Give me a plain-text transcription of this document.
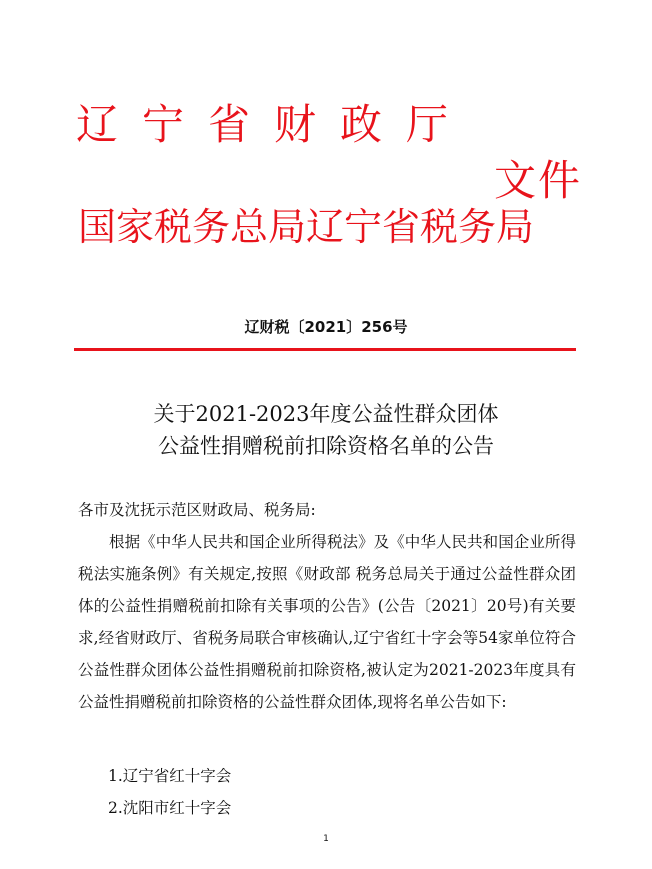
辽宁省财政厅
文件
国家税务总局辽宁省税务局
辽财税〔2021〕256号
关于2021-2023年度公益性群众团体
公益性捐赠税前扣除资格名单的公告
各市及沈抚示范区财政局、税务局:
根据《中华人民共和国企业所得税法》及《中华人民共和国企业所得税法实施条例》有关规定,按照《财政部 税务总局关于通过公益性群众团体的公益性捐赠税前扣除有关事项的公告》(公告〔2021〕20号)有关要求,经省财政厅、省税务局联合审核确认,辽宁省红十字会等54家单位符合公益性群众团体公益性捐赠税前扣除资格,被认定为2021-2023年度具有公益性捐赠税前扣除资格的公益性群众团体,现将名单公告如下:
1.辽宁省红十字会
2.沈阳市红十字会
1
